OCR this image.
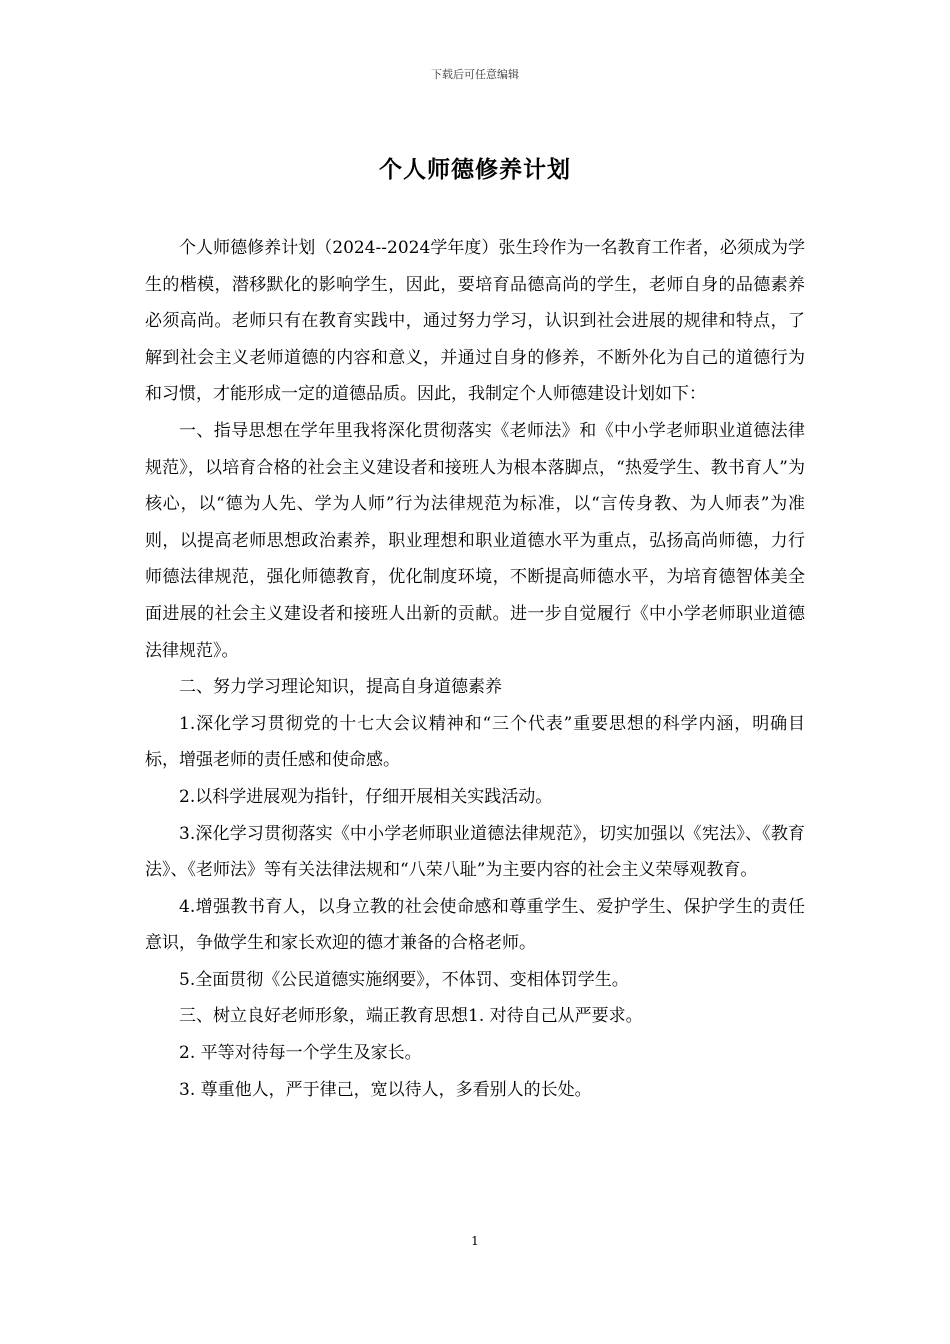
下载后可任意编辑
个人师德修养计划

个人师德修养计划（2024--2024学年度）张生玲作为一名教育工作者，必须成为学生的楷模，潜移默化的影响学生，因此，要培育品德高尚的学生，老师自身的品德素养必须高尚。老师只有在教育实践中，通过努力学习，认识到社会进展的规律和特点，了解到社会主义老师道德的内容和意义，并通过自身的修养，不断外化为自己的道德行为和习惯，才能形成一定的道德品质。因此，我制定个人师德建设计划如下：

一、指导思想在学年里我将深化贯彻落实《老师法》和《中小学老师职业道德法律规范》，以培育合格的社会主义建设者和接班人为根本落脚点，“热爱学生、教书育人”为核心，以“德为人先、学为人师”行为法律规范为标准，以“言传身教、为人师表”为准则，以提高老师思想政治素养，职业理想和职业道德水平为重点，弘扬高尚师德，力行师德法律规范，强化师德教育，优化制度环境，不断提高师德水平，为培育德智体美全面进展的社会主义建设者和接班人出新的贡献。进一步自觉履行《中小学老师职业道德法律规范》。

二、努力学习理论知识，提高自身道德素养

1.深化学习贯彻党的十七大会议精神和“三个代表”重要思想的科学内涵，明确目标，增强老师的责任感和使命感。

2.以科学进展观为指针，仔细开展相关实践活动。

3.深化学习贯彻落实《中小学老师职业道德法律规范》，切实加强以《宪法》、《教育法》、《老师法》等有关法律法规和“八荣八耻”为主要内容的社会主义荣辱观教育。

4.增强教书育人，以身立教的社会使命感和尊重学生、爱护学生、保护学生的责任意识，争做学生和家长欢迎的德才兼备的合格老师。

5.全面贯彻《公民道德实施纲要》，不体罚、变相体罚学生。

三、树立良好老师形象，端正教育思想1. 对待自己从严要求。

2. 平等对待每一个学生及家长。

3. 尊重他人，严于律己，宽以待人，多看别人的长处。

1
